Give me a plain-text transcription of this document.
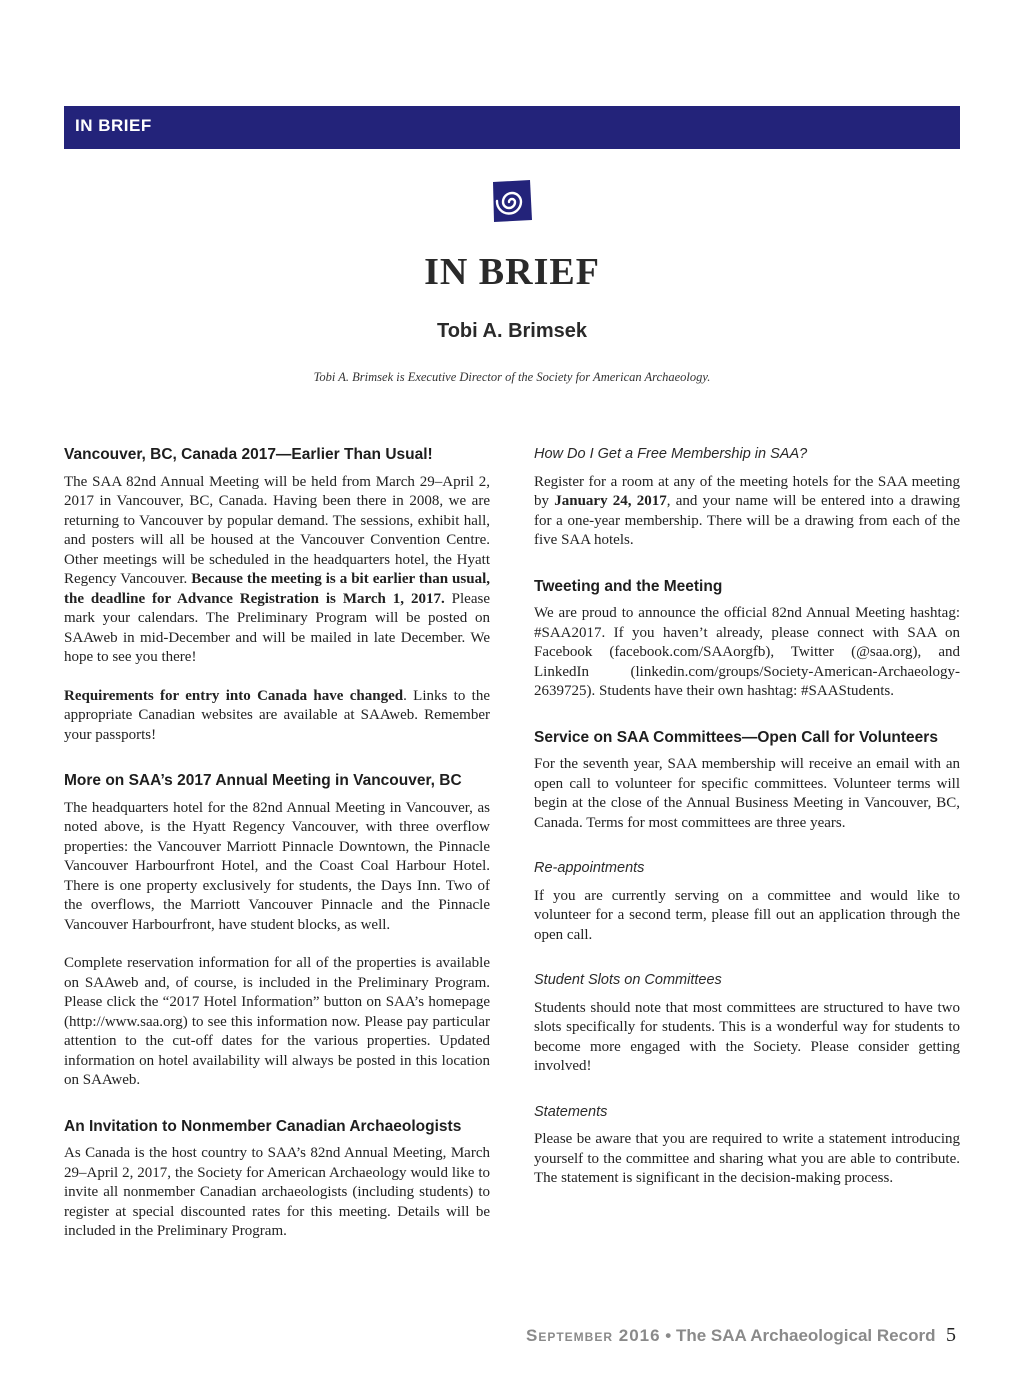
IN BRIEF
IN BRIEF
Tobi A. Brimsek
Tobi A. Brimsek is Executive Director of the Society for American Archaeology.
Vancouver, BC, Canada 2017—Earlier Than Usual!

The SAA 82nd Annual Meeting will be held from March 29–April 2, 2017 in Vancouver, BC, Canada. Having been there in 2008, we are returning to Vancouver by popular demand. The sessions, exhibit hall, and posters will all be housed at the Vancouver Convention Centre. Other meetings will be scheduled in the headquarters hotel, the Hyatt Regency Vancouver. Because the meeting is a bit earlier than usual, the deadline for Advance Registration is March 1, 2017. Please mark your calendars. The Preliminary Program will be posted on SAAweb in mid-December and will be mailed in late December. We hope to see you there!

Requirements for entry into Canada have changed. Links to the appropriate Canadian websites are available at SAAweb. Remember your passports!

More on SAA’s 2017 Annual Meeting in Vancouver, BC

The headquarters hotel for the 82nd Annual Meeting in Vancouver, as noted above, is the Hyatt Regency Vancouver, with three overflow properties: the Vancouver Marriott Pinnacle Downtown, the Pinnacle Vancouver Harbourfront Hotel, and the Coast Coal Harbour Hotel. There is one property exclusively for students, the Days Inn. Two of the overflows, the Marriott Vancouver Pinnacle and the Pinnacle Vancouver Harbourfront, have student blocks, as well.

Complete reservation information for all of the properties is available on SAAweb and, of course, is included in the Preliminary Program. Please click the “2017 Hotel Information” button on SAA’s homepage (http://www.saa.org) to see this information now. Please pay particular attention to the cut-off dates for the various properties. Updated information on hotel availability will always be posted in this location on SAAweb.

An Invitation to Nonmember Canadian Archaeologists

As Canada is the host country to SAA’s 82nd Annual Meeting, March 29–April 2, 2017, the Society for American Archaeology would like to invite all nonmember Canadian archaeologists (including students) to register at special discounted rates for this meeting. Details will be included in the Preliminary Program.

How Do I Get a Free Membership in SAA?

Register for a room at any of the meeting hotels for the SAA meeting by January 24, 2017, and your name will be entered into a drawing for a one-year membership. There will be a drawing from each of the five SAA hotels.

Tweeting and the Meeting

We are proud to announce the official 82nd Annual Meeting hashtag: #SAA2017. If you haven’t already, please connect with SAA on Facebook (facebook.com/SAAorgfb), Twitter (@saa.org), and LinkedIn (linkedin.com/groups/Society-American-Archaeology-2639725). Students have their own hashtag: #SAAStudents.

Service on SAA Committees—Open Call for Volunteers

For the seventh year, SAA membership will receive an email with an open call to volunteer for specific committees. Volunteer terms will begin at the close of the Annual Business Meeting in Vancouver, BC, Canada. Terms for most committees are three years.

Re-appointments

If you are currently serving on a committee and would like to volunteer for a second term, please fill out an application through the open call.

Student Slots on Committees

Students should note that most committees are structured to have two slots specifically for students. This is a wonderful way for students to become more engaged with the Society. Please consider getting involved!

Statements

Please be aware that you are required to write a statement introducing yourself to the committee and sharing what you are able to contribute. The statement is significant in the decision-making process.

September 2016 • The SAA Archaeological Record 5
